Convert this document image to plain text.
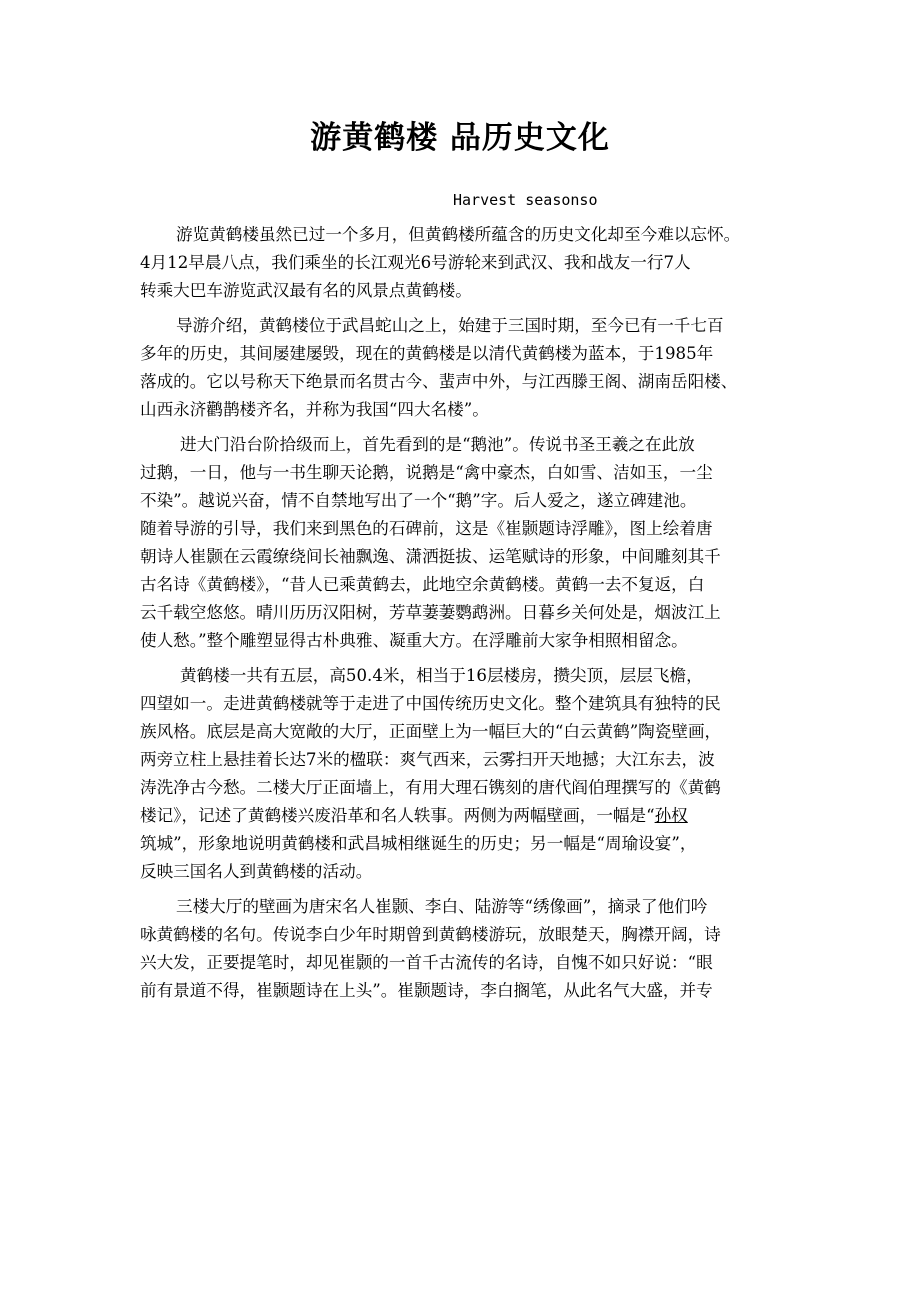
游黄鹤楼 品历史文化
Harvest seasonso

游览黄鹤楼虽然已过一个多月，但黄鹤楼所蕴含的历史文化却至今难以忘怀。
4月12早晨八点，我们乘坐的长江观光6号游轮来到武汉、我和战友一行7人
转乘大巴车游览武汉最有名的风景点黄鹤楼。

导游介绍，黄鹤楼位于武昌蛇山之上，始建于三国时期，至今已有一千七百
多年的历史，其间屡建屡毁，现在的黄鹤楼是以清代黄鹤楼为蓝本，于1985年
落成的。它以号称天下绝景而名贯古今、蜚声中外，与江西滕王阁、湖南岳阳楼、
山西永济鹳鹊楼齐名，并称为我国“四大名楼”。

进大门沿台阶拾级而上，首先看到的是“鹅池”。传说书圣王羲之在此放
过鹅，一日，他与一书生聊天论鹅，说鹅是“禽中豪杰，白如雪、洁如玉，一尘
不染”。越说兴奋，情不自禁地写出了一个“鹅”字。后人爱之，遂立碑建池。
随着导游的引导，我们来到黑色的石碑前，这是《崔颢题诗浮雕》，图上绘着唐
朝诗人崔颢在云霞缭绕间长袖飘逸、潇洒挺拔、运笔赋诗的形象，中间雕刻其千
古名诗《黄鹤楼》，“昔人已乘黄鹤去，此地空余黄鹤楼。黄鹤一去不复返，白
云千载空悠悠。晴川历历汉阳树，芳草萋萋鹦鹉洲。日暮乡关何处是，烟波江上
使人愁。”整个雕塑显得古朴典雅、凝重大方。在浮雕前大家争相照相留念。

黄鹤楼一共有五层，高50.4米，相当于16层楼房，攒尖顶，层层飞檐，
四望如一。走进黄鹤楼就等于走进了中国传统历史文化。整个建筑具有独特的民
族风格。底层是高大宽敞的大厅，正面壁上为一幅巨大的“白云黄鹤”陶瓷壁画，
两旁立柱上悬挂着长达7米的楹联：爽气西来，云雾扫开天地撼；大江东去，波
涛洗净古今愁。二楼大厅正面墙上，有用大理石镌刻的唐代阎伯理撰写的《黄鹤
楼记》，记述了黄鹤楼兴废沿革和名人轶事。两侧为两幅壁画，一幅是“孙权
筑城”，形象地说明黄鹤楼和武昌城相继诞生的历史；另一幅是“周瑜设宴”，
反映三国名人到黄鹤楼的活动。

三楼大厅的壁画为唐宋名人崔颢、李白、陆游等“绣像画”，摘录了他们吟
咏黄鹤楼的名句。传说李白少年时期曾到黄鹤楼游玩，放眼楚天，胸襟开阔，诗
兴大发，正要提笔时，却见崔颢的一首千古流传的名诗，自愧不如只好说：“眼
前有景道不得，崔颢题诗在上头”。崔颢题诗，李白搁笔，从此名气大盛，并专
